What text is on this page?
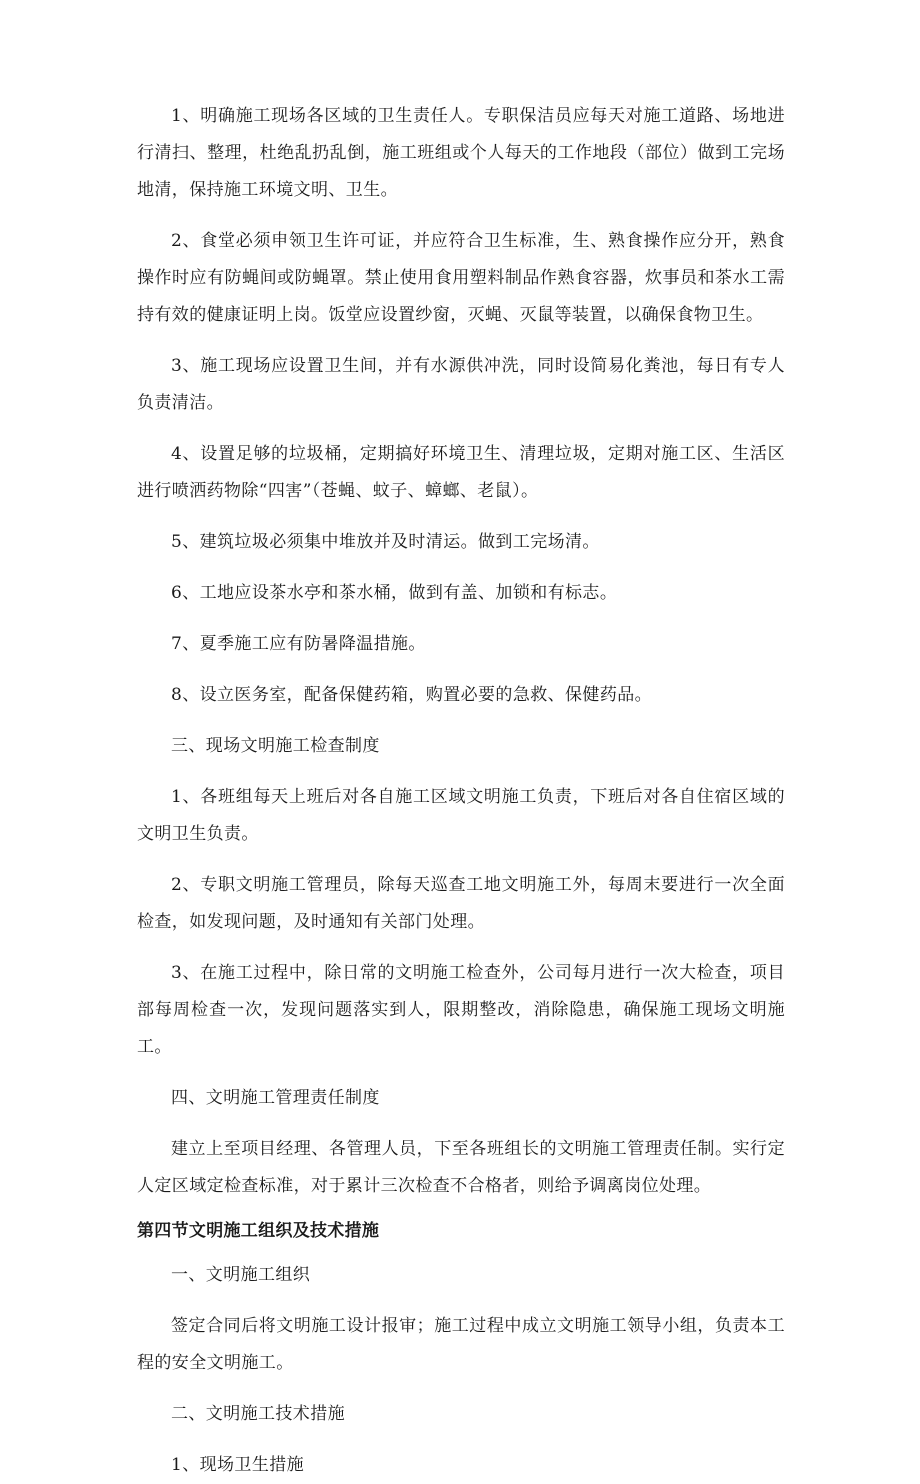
1、明确施工现场各区域的卫生责任人。专职保洁员应每天对施工道路、场地进行清扫、整理，杜绝乱扔乱倒，施工班组或个人每天的工作地段（部位）做到工完场地清，保持施工环境文明、卫生。

2、食堂必须申领卫生许可证，并应符合卫生标准，生、熟食操作应分开，熟食操作时应有防蝇间或防蝇罩。禁止使用食用塑料制品作熟食容器，炊事员和茶水工需持有效的健康证明上岗。饭堂应设置纱窗，灭蝇、灭鼠等装置，以确保食物卫生。

3、施工现场应设置卫生间，并有水源供冲洗，同时设简易化粪池，每日有专人负责清洁。

4、设置足够的垃圾桶，定期搞好环境卫生、清理垃圾，定期对施工区、生活区进行喷洒药物除“四害”（苍蝇、蚊子、蟑螂、老鼠）。

5、建筑垃圾必须集中堆放并及时清运。做到工完场清。

6、工地应设茶水亭和茶水桶，做到有盖、加锁和有标志。

7、夏季施工应有防暑降温措施。

8、设立医务室，配备保健药箱，购置必要的急救、保健药品。

三、现场文明施工检查制度

1、各班组每天上班后对各自施工区域文明施工负责，下班后对各自住宿区域的文明卫生负责。

2、专职文明施工管理员，除每天巡查工地文明施工外，每周末要进行一次全面检查，如发现问题，及时通知有关部门处理。

3、在施工过程中，除日常的文明施工检查外，公司每月进行一次大检查，项目部每周检查一次，发现问题落实到人，限期整改，消除隐患，确保施工现场文明施工。

四、文明施工管理责任制度

建立上至项目经理、各管理人员，下至各班组长的文明施工管理责任制。实行定人定区域定检查标准，对于累计三次检查不合格者，则给予调离岗位处理。

第四节文明施工组织及技术措施

一、文明施工组织

签定合同后将文明施工设计报审；施工过程中成立文明施工领导小组，负责本工程的安全文明施工。

二、文明施工技术措施

1、现场卫生措施
